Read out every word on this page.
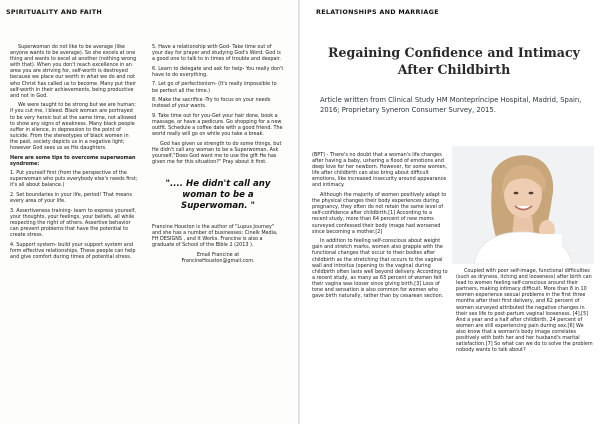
SPIRITUALITY AND FAITH

Superwoman do not like to be average (like anyone wants to be average). So she excels at one thing and wants to excel at another (nothing wrong with that). When you don't reach excellence in an area you are striving for, self-worth is destroyed because we place our worth in what we do and not who Christ has called us to become. Many put their self-worth in their achievements, being productive and not in God.

We were taught to be strong but we are human; if you cut me, I bleed. Black woman are portrayed to be very heroic but at the same time, not allowed to show any signs of weakness. Many black people suffer in silence, in depression to the point of suicide. From the stereotypes of black women in the past, society depicts us in a negative light; however God sees us as His daughters.

Here are some tips to overcome superwoman syndrome:

1. Put yourself first (from the perspective of the superwoman who puts everybody else's needs first; it's all about balance.)

2. Set boundaries in your life, period! That means every area of your life.

3. Assertiveness training- learn to express yourself, your thoughts, your feelings, your beliefs, all while respecting the right of others. Assertive behavior can prevent problems that have the potential to create stress.

4. Support system- build your support system and form effective relationships. These people can help and give comfort during times of potential stress.

5. Have a relationship with God- Take time out of your day for prayer and studying God's Word. God is a good one to talk to in times of trouble and despair.

6. Learn to delegate and ask for help- You really don't have to do everything.

7. Let go of perfectionism- (It's really impossible to be perfect all the time.)

8. Make the sacrifice -Try to focus on your needs instead of your wants.

9. Take time out for you-Get your hair done, book a massage, or have a pedicure. Go shopping for a new outfit. Schedule a coffee date with a good friend. The world really will go on while you take a break.

God has given us strength to do some things, but He didn't call any woman to be a Superwoman. Ask yourself,"Does God want me to use the gift He has given me for this situation?" Pray about it first.

".... He didn't call any woman to be a Superwoman. "

Francine Houston is the author of "Lupus Journey" and she has a number of businesses: Cinelk Media, FH DESIGNS , and It Works. Francine is also a graduate of School of the Bible 2 (2013 ).

Email Francine at

FrancineHouston@gmail.com.

RELATIONSHIPS AND MARRIAGE
Regaining Confidence and Intimacy After Childbirth
Article written from Clinical Study HM Montepríncipe Hospital, Madrid, Spain, 2016; Proprietary Syneron Consumer Survey, 2015.

(BPT) - There's no doubt that a woman's life changes after having a baby, ushering a flood of emotions and deep love for her newborn. However, for some women, life after childbirth can also bring about difficult emotions, like increased insecurity around appearance and intimacy.

Although the majority of women positively adapt to the physical changes their body experiences during pregnancy, they often do not retain the same level of self-confidence after childbirth.[1] According to a recent study, more than 64 percent of new moms surveyed confessed their body image had worsened since becoming a mother.[2]

In addition to feeling self-conscious about weight gain and stretch marks, women also grapple with the functional changes that occur to their bodies after childbirth as the stretching that occurs to the vaginal wall and introitus (opening to the vagina) during childbirth often lasts well beyond delivery. According to a recent study, as many as 63 percent of women felt their vagina was looser since giving birth.[3] Loss of tone and sensation is also common for women who gave birth naturally, rather than by cesarean section.

Coupled with poor self-image, functional difficulties (such as dryness, itching and looseness) after birth can lead to women feeling self-conscious around their partners, making intimacy difficult. More than 8 in 10 women experience sexual problems in the first three months after their first delivery, and 62 percent of women surveyed attributed the negative changes in their sex life to post-partum vaginal looseness. [4],[5] And a year and a half after childbirth, 24 percent of women are still experiencing pain during sex.[6] We also know that a woman's body image correlates positively with both her and her husband's marital satisfaction.[7] So what can we do to solve the problem nobody wants to talk about?
